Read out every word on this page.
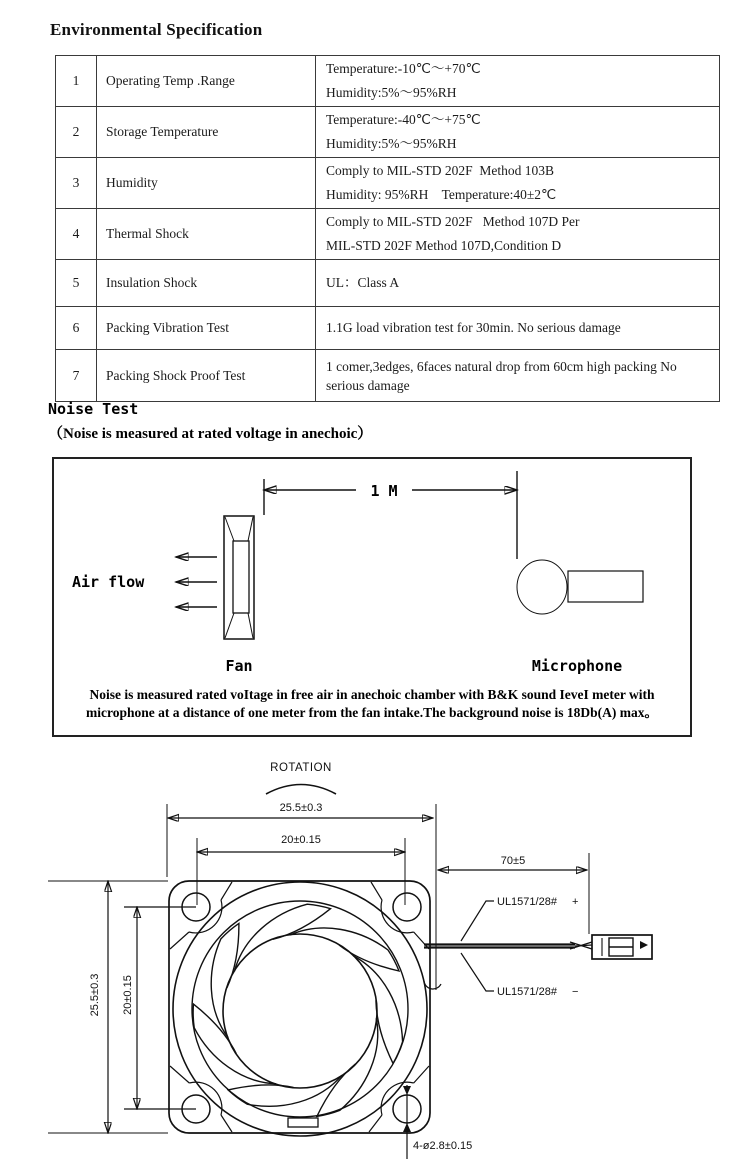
Environmental Specification
1	Operating Temp .Range	Temperature:-10℃～+70℃
Humidity:5%～95%RH

2	Storage Temperature	Temperature:-40℃～+75℃
Humidity:5%～95%RH

3	Humidity	Comply to MIL-STD 202F  Method 103B
Humidity: 95%RH    Temperature:40±2℃

4	Thermal Shock	Comply to MIL-STD 202F   Method 107D Per
MIL-STD 202F Method 107D,Condition D

5	Insulation Shock	UL：Class A

6	Packing Vibration Test	1.1G load vibration test for 30min. No serious damage

7	Packing Shock Proof Test	1 comer,3edges, 6faces natural drop from 60cm high packing No serious damage
Noise Test
（Noise is measured at rated voltage in anechoic）
1 M
Air flow
Fan	Microphone
Noise is measured rated voItage in free air in anechoic chamber with B&K sound IeveI meter with
microphone at a distance of one meter from the fan intake.The background noise is 18Db(A) max。
ROTATION
25.5±0.3
20±0.15
70±5
25.5±0.3 20±0.15
UL1571/28# +
UL1571/28# −
4-ø2.8±0.15
